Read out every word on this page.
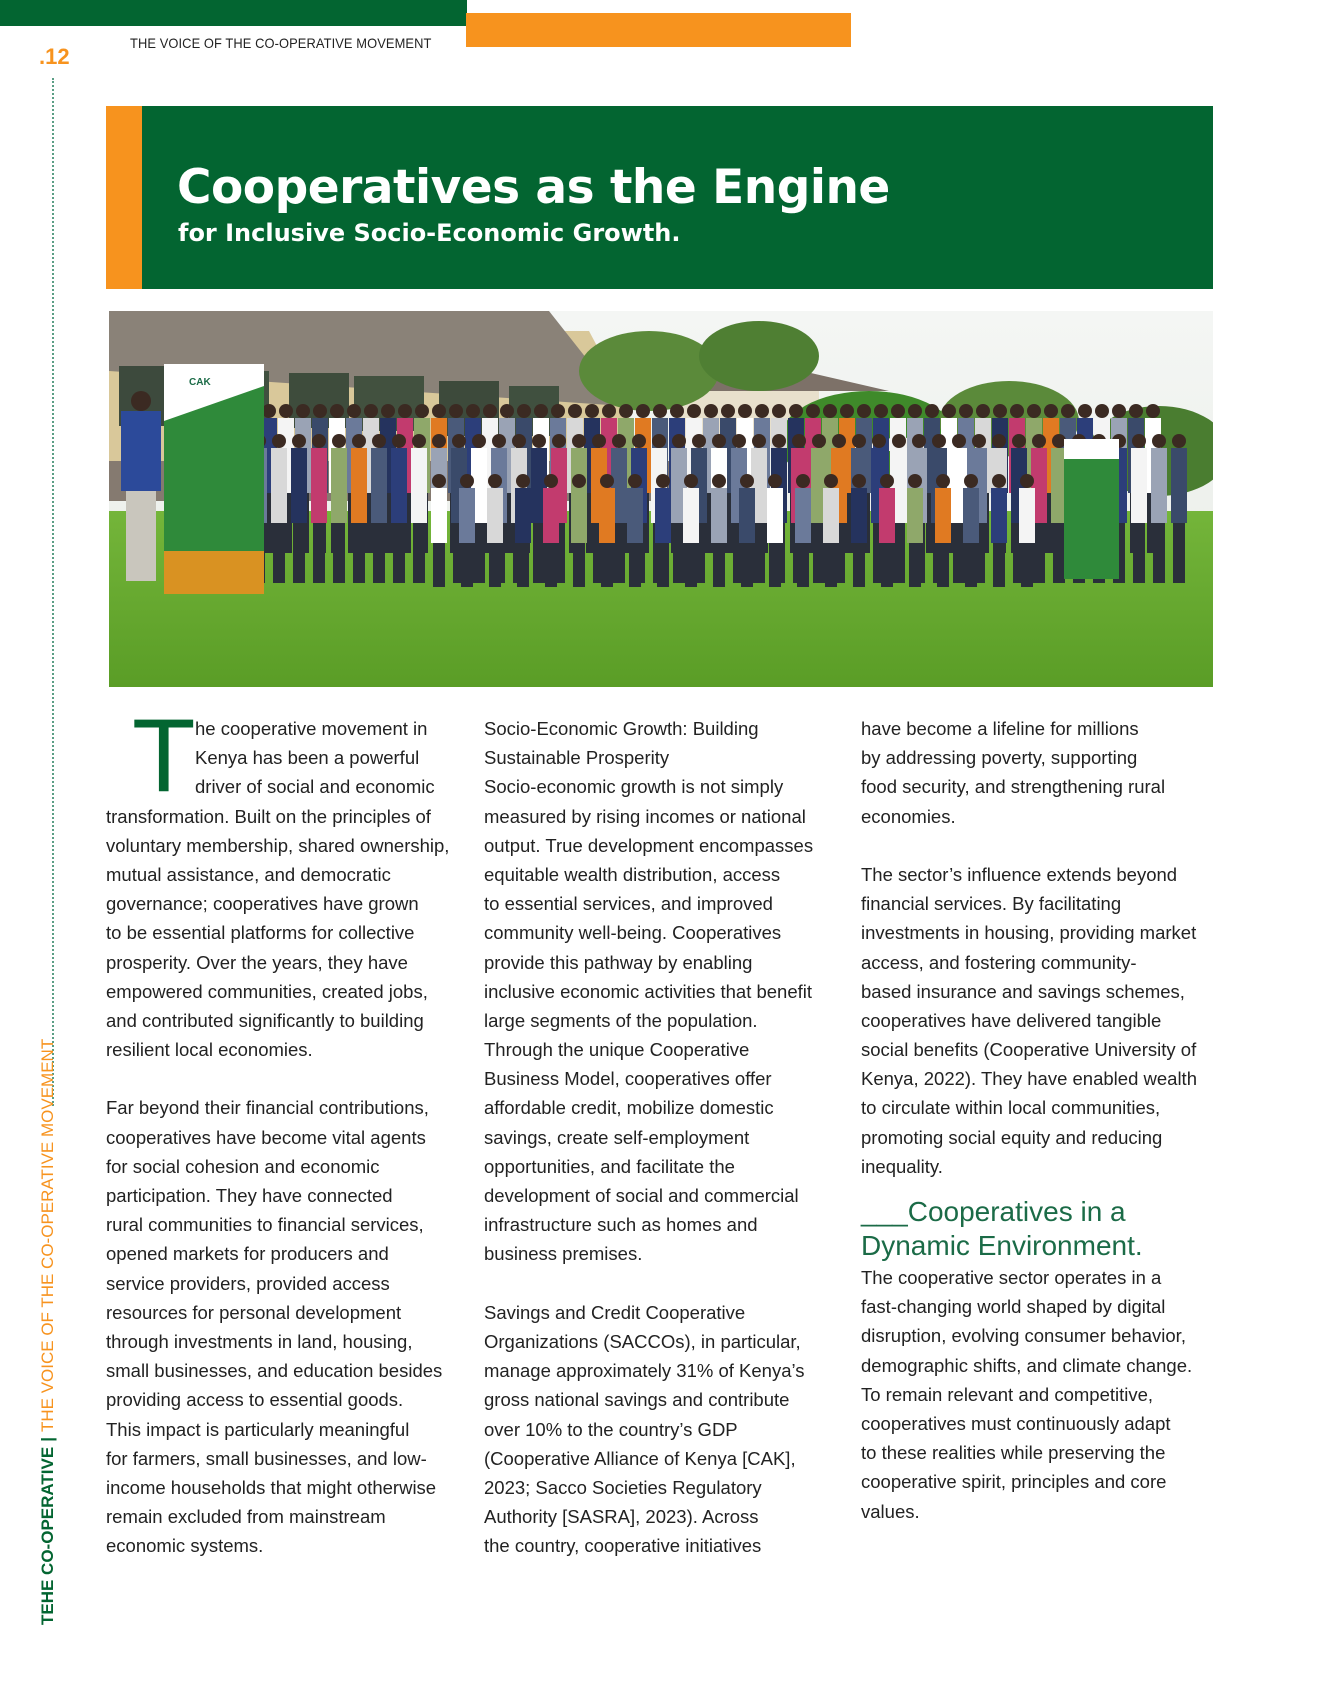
THE VOICE OF THE CO-OPERATIVE MOVEMENT
.12
TEHE CO-OPERATIVE|THE VOICE OF THE CO-OPERATIVE MOVEMENT
Cooperatives as the Engine
for Inclusive Socio-Economic Growth.
CAK
T he cooperative movement in
Kenya has been a powerful
driver of social and economic
transformation. Built on the principles of
voluntary membership, shared ownership,
mutual assistance, and democratic
governance; cooperatives have grown
to be essential platforms for collective
prosperity. Over the years, they have
empowered communities, created jobs,
and contributed significantly to building
resilient local economies.
Far beyond their financial contributions,
cooperatives have become vital agents
for social cohesion and economic
participation. They have connected
rural communities to financial services,
opened markets for producers and
service providers, provided access
resources for personal development
through investments in land, housing,
small businesses, and education besides
providing access to essential goods.
This impact is particularly meaningful
for farmers, small businesses, and low-
income households that might otherwise
remain excluded from mainstream
economic systems.
Socio-Economic Growth: Building
Sustainable Prosperity
Socio-economic growth is not simply
measured by rising incomes or national
output. True development encompasses
equitable wealth distribution, access
to essential services, and improved
community well-being. Cooperatives
provide this pathway by enabling
inclusive economic activities that benefit
large segments of the population.
Through the unique Cooperative
Business Model, cooperatives offer
affordable credit, mobilize domestic
savings, create self-employment
opportunities, and facilitate the
development of social and commercial
infrastructure such as homes and
business premises.
Savings and Credit Cooperative
Organizations (SACCOs), in particular,
manage approximately 31% of Kenya’s
gross national savings and contribute
over 10% to the country’s GDP
(Cooperative Alliance of Kenya [CAK],
2023; Sacco Societies Regulatory
Authority [SASRA], 2023). Across
the country, cooperative initiatives
have become a lifeline for millions
by addressing poverty, supporting
food security, and strengthening rural
economies.
The sector’s influence extends beyond
financial services. By facilitating
investments in housing, providing market
access, and fostering community-
based insurance and savings schemes,
cooperatives have delivered tangible
social benefits (Cooperative University of
Kenya, 2022). They have enabled wealth
to circulate within local communities,
promoting social equity and reducing
inequality.
___Cooperatives in a
Dynamic Environment.
The cooperative sector operates in a
fast-changing world shaped by digital
disruption, evolving consumer behavior,
demographic shifts, and climate change.
To remain relevant and competitive,
cooperatives must continuously adapt
to these realities while preserving the
cooperative spirit, principles and core
values.
